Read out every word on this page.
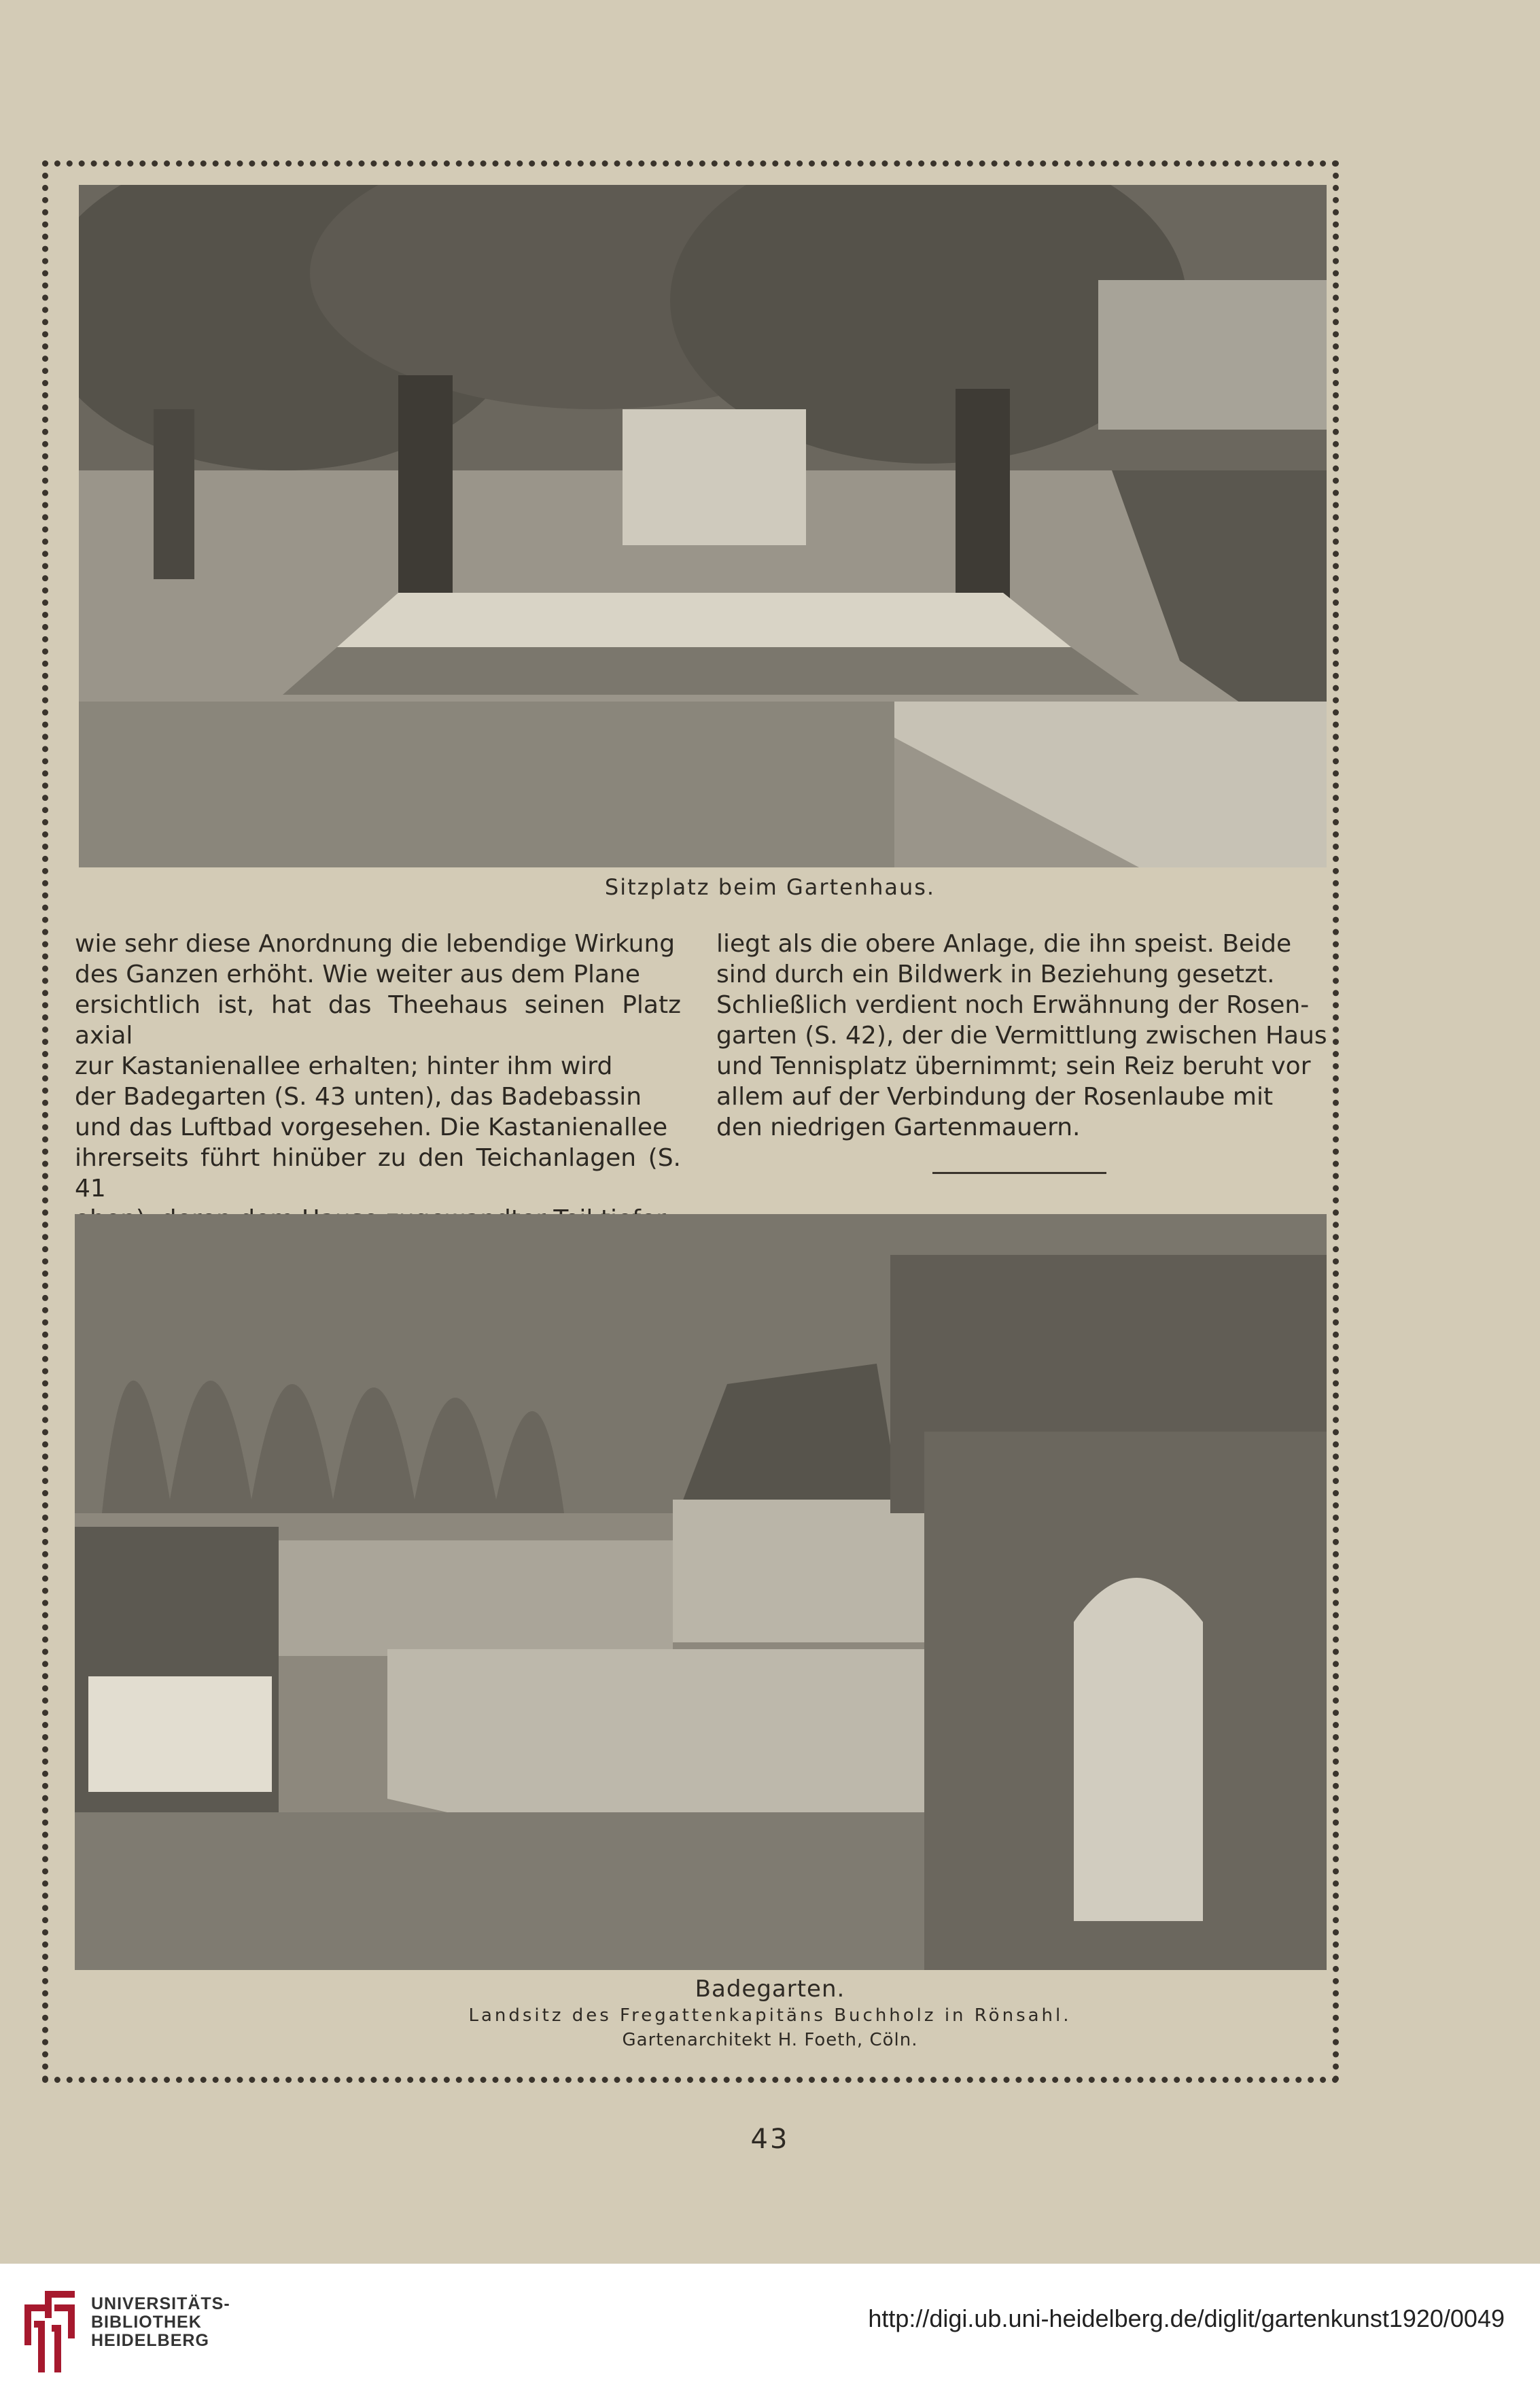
Sitzplatz beim Gartenhaus.

wie sehr diese Anordnung die lebendige Wirkung

des Ganzen erhöht. Wie weiter aus dem Plane

ersichtlich ist, hat das Theehaus seinen Platz axial

zur Kastanienallee erhalten; hinter ihm wird

der Badegarten (S. 43 unten), das Badebassin

und das Luftbad vorgesehen. Die Kastanienallee

ihrerseits führt hinüber zu den Teichanlagen (S. 41

liegt als die obere Anlage, die ihn speist. Beide

sind durch ein Bildwerk in Beziehung gesetzt.

Schließlich verdient noch Erwähnung der Rosen-

garten (S. 42), der die Vermittlung zwischen Haus

und Tennisplatz übernimmt; sein Reiz beruht vor

allem auf der Verbindung der Rosenlaube mit

den niedrigen Gartenmauern.

Badegarten.
Landsitz des Fregattenkapitäns Buchholz in Rönsahl.
Gartenarchitekt H. Foeth, Cöln.
43
UNIVERSITÄTS-
BIBLIOTHEK
HEIDELBERG
http://digi.ub.uni-heidelberg.de/diglit/gartenkunst1920/0049
